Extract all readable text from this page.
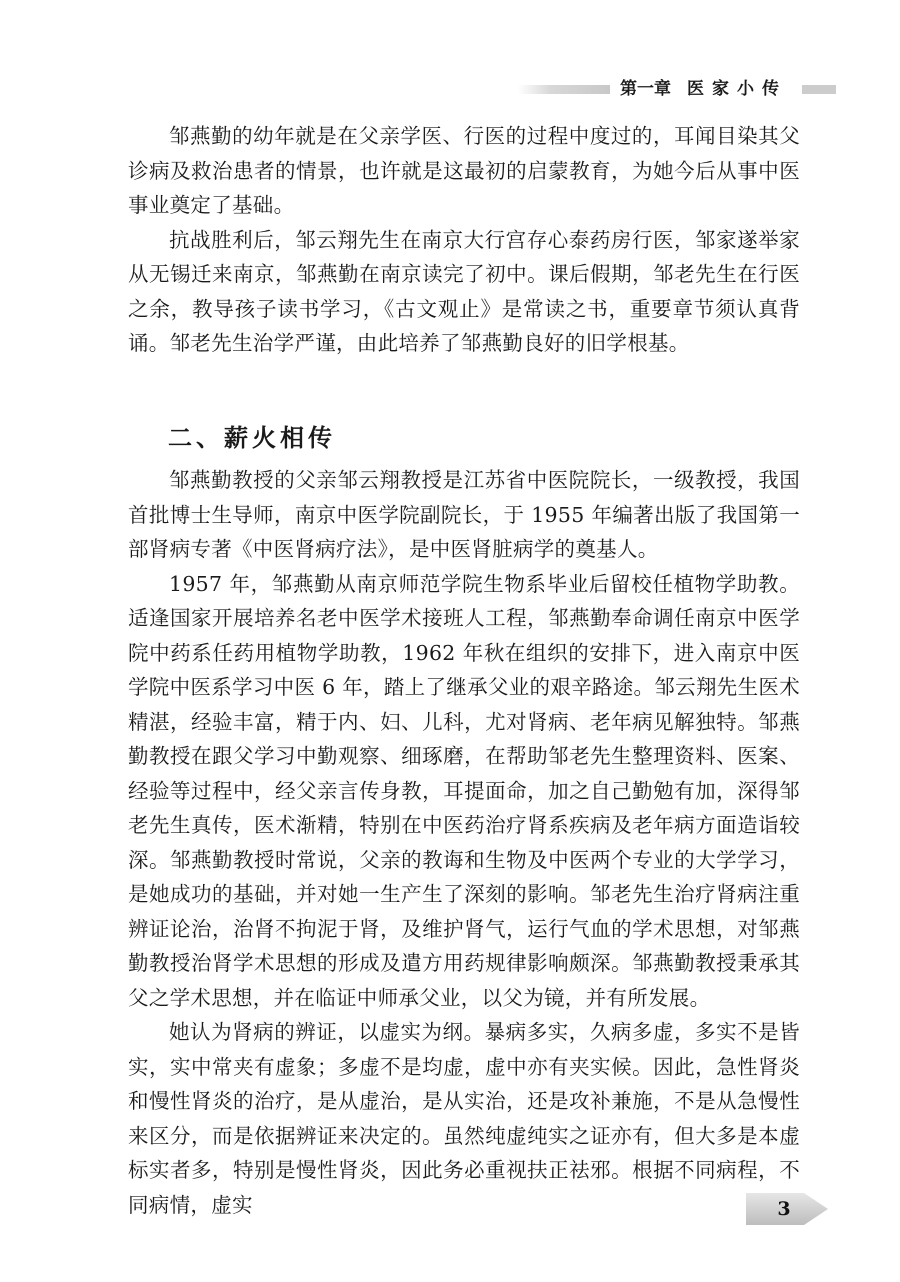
第一章 医家小传

邹燕勤的幼年就是在父亲学医、行医的过程中度过的，耳闻目染其父诊病及救治患者的情景，也许就是这最初的启蒙教育，为她今后从事中医事业奠定了基础。

抗战胜利后，邹云翔先生在南京大行宫存心泰药房行医，邹家遂举家从无锡迁来南京，邹燕勤在南京读完了初中。课后假期，邹老先生在行医之余，教导孩子读书学习，《古文观止》是常读之书，重要章节须认真背诵。邹老先生治学严谨，由此培养了邹燕勤良好的旧学根基。

二、薪火相传

邹燕勤教授的父亲邹云翔教授是江苏省中医院院长，一级教授，我国首批博士生导师，南京中医学院副院长，于 1955 年编著出版了我国第一部肾病专著《中医肾病疗法》，是中医肾脏病学的奠基人。

1957 年，邹燕勤从南京师范学院生物系毕业后留校任植物学助教。适逢国家开展培养名老中医学术接班人工程，邹燕勤奉命调任南京中医学院中药系任药用植物学助教，1962 年秋在组织的安排下，进入南京中医学院中医系学习中医 6 年，踏上了继承父业的艰辛路途。邹云翔先生医术精湛，经验丰富，精于内、妇、儿科，尤对肾病、老年病见解独特。邹燕勤教授在跟父学习中勤观察、细琢磨，在帮助邹老先生整理资料、医案、经验等过程中，经父亲言传身教，耳提面命，加之自己勤勉有加，深得邹老先生真传，医术渐精，特别在中医药治疗肾系疾病及老年病方面造诣较深。邹燕勤教授时常说，父亲的教诲和生物及中医两个专业的大学学习，是她成功的基础，并对她一生产生了深刻的影响。邹老先生治疗肾病注重辨证论治，治肾不拘泥于肾，及维护肾气，运行气血的学术思想，对邹燕勤教授治肾学术思想的形成及遣方用药规律影响颇深。邹燕勤教授秉承其父之学术思想，并在临证中师承父业，以父为镜，并有所发展。

她认为肾病的辨证，以虚实为纲。暴病多实，久病多虚，多实不是皆实，实中常夹有虚象；多虚不是均虚，虚中亦有夹实候。因此，急性肾炎和慢性肾炎的治疗，是从虚治，是从实治，还是攻补兼施，不是从急慢性来区分，而是依据辨证来决定的。虽然纯虚纯实之证亦有，但大多是本虚标实者多，特别是慢性肾炎，因此务必重视扶正祛邪。根据不同病程，不同病情，虚实	3
